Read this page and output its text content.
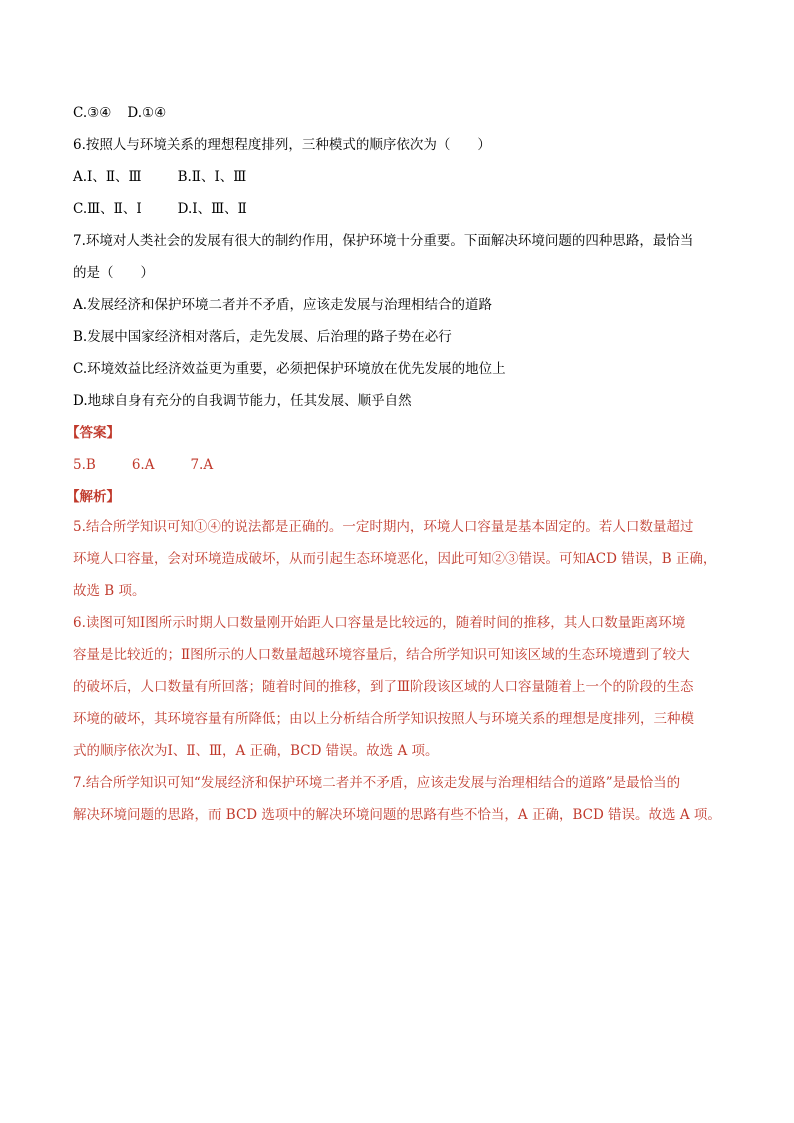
C.③④ D.①④
6.按照人与环境关系的理想程度排列，三种模式的顺序依次为（　　）
A.Ⅰ、Ⅱ、Ⅲ	B.Ⅱ、Ⅰ、Ⅲ
C.Ⅲ、Ⅱ、Ⅰ	D.Ⅰ、Ⅲ、Ⅱ
7.环境对人类社会的发展有很大的制约作用，保护环境十分重要。下面解决环境问题的四种思路，最恰当
的是（　　）
A.发展经济和保护环境二者并不矛盾，应该走发展与治理相结合的道路
B.发展中国家经济相对落后，走先发展、后治理的路子势在必行
C.环境效益比经济效益更为重要，必须把保护环境放在优先发展的地位上
D.地球自身有充分的自我调节能力，任其发展、顺乎自然
【答案】
5.B	6.A	7.A
【解析】
5.结合所学知识可知①④的说法都是正确的。一定时期内，环境人口容量是基本固定的。若人口数量超过
环境人口容量，会对环境造成破坏，从而引起生态环境恶化，因此可知②③错误。可知ACD 错误，B 正确，
故选 B 项。
6.读图可知Ⅰ图所示时期人口数量刚开始距人口容量是比较远的，随着时间的推移，其人口数量距离环境
容量是比较近的；Ⅱ图所示的人口数量超越环境容量后，结合所学知识可知该区域的生态环境遭到了较大
的破坏后，人口数量有所回落；随着时间的推移，到了Ⅲ阶段该区域的人口容量随着上一个的阶段的生态
环境的破坏，其环境容量有所降低；由以上分析结合所学知识按照人与环境关系的理想是度排列，三种模
式的顺序依次为Ⅰ、Ⅱ、Ⅲ，A 正确，BCD 错误。故选 A 项。
7.结合所学知识可知“发展经济和保护环境二者并不矛盾，应该走发展与治理相结合的道路”是最恰当的
解决环境问题的思路，而 BCD 选项中的解决环境问题的思路有些不恰当，A 正确，BCD 错误。故选 A 项。
